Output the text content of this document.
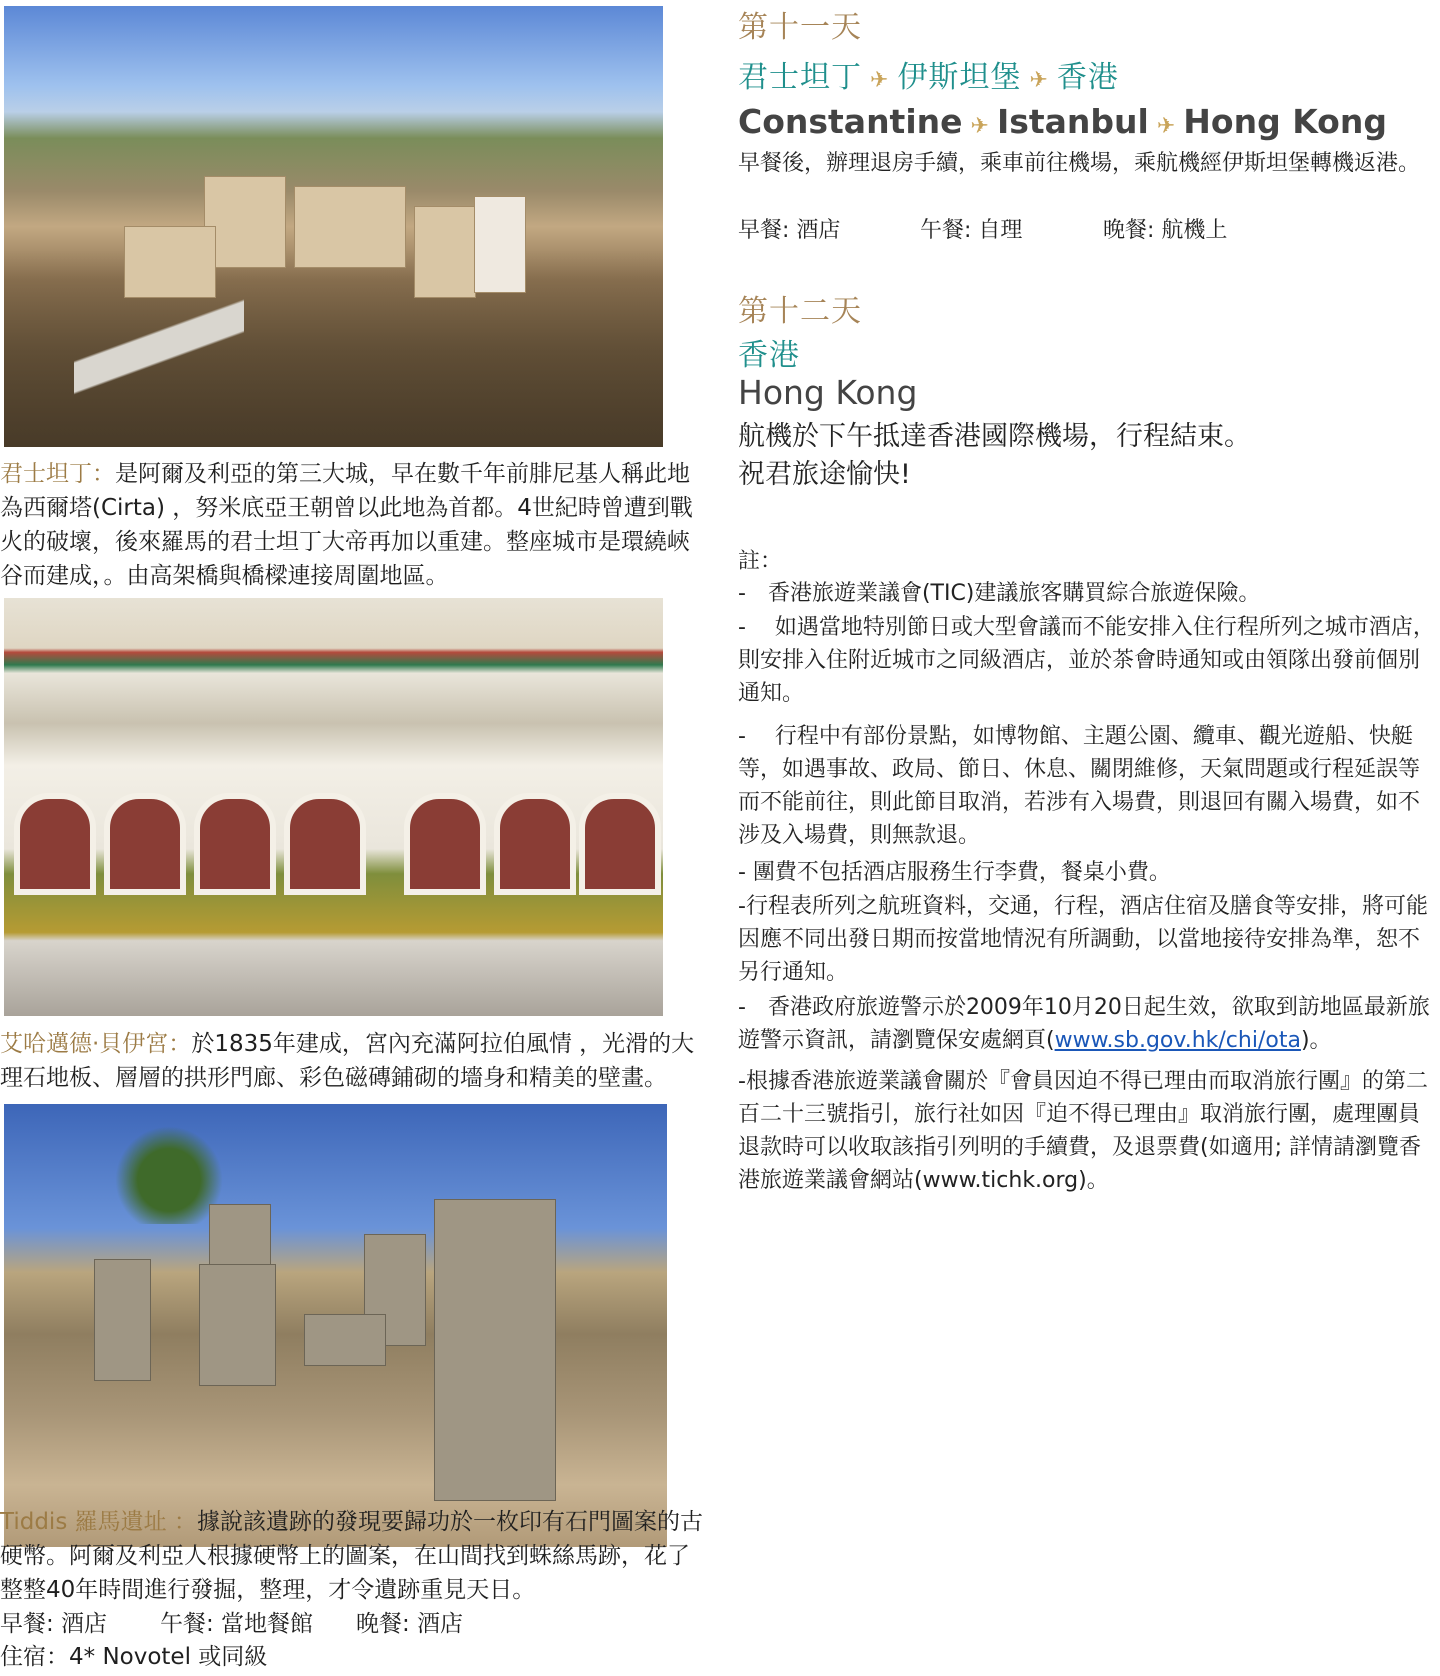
君士坦丁：是阿爾及利亞的第三大城，早在數千年前腓尼基人稱此地為西爾塔(Cirta) ，努米底亞王朝曾以此地為首都。4世紀時曾遭到戰火的破壞，後來羅馬的君士坦丁大帝再加以重建。整座城市是環繞峽谷而建成，。由高架橋與橋樑連接周圍地區。
艾哈邁德·貝伊宮：於1835年建成，宮內充滿阿拉伯風情 ，光滑的大理石地板、層層的拱形門廊、彩色磁磚鋪砌的墻身和精美的壁畫。
Tiddis 羅馬遺址 ：據說該遺跡的發現要歸功於一枚印有石門圖案的古硬幣。阿爾及利亞人根據硬幣上的圖案，在山間找到蛛絲馬跡，花了整整40年時間進行發掘，整理，才令遺跡重見天日。
早餐: 酒店 午餐: 當地餐館 晚餐: 酒店
住宿：4* Novotel 或同級
第十一天
君士坦丁 ✈ 伊斯坦堡 ✈ 香港
Constantine ✈ Istanbul ✈ Hong Kong
早餐後，辦理退房手續，乘車前往機場，乘航機經伊斯坦堡轉機返港。
早餐: 酒店	午餐: 自理	晚餐: 航機上
第十二天
香港
Hong Kong
航機於下午抵達香港國際機場，行程結束。
祝君旅途愉快!
註：
-　香港旅遊業議會(TIC)建議旅客購買綜合旅遊保險。
-　 如遇當地特別節日或大型會議而不能安排入住行程所列之城市酒店，則安排入住附近城市之同級酒店，並於茶會時通知或由領隊出發前個別通知。
-　 行程中有部份景點，如博物館、主題公園、纜車、觀光遊船、快艇等，如遇事故、政局、節日、休息、關閉維修，天氣問題或行程延誤等而不能前往，則此節目取消，若涉有入場費，則退回有關入場費，如不涉及入場費，則無款退。
- 團費不包括酒店服務生行李費，餐桌小費。
-行程表所列之航班資料，交通，行程，酒店住宿及膳食等安排，將可能因應不同出發日期而按當地情況有所調動，以當地接待安排為準，恕不另行通知。
-　香港政府旅遊警示於2009年10月20日起生效，欲取到訪地區最新旅遊警示資訊，請瀏覽保安處網頁(www.sb.gov.hk/chi/ota)。
-根據香港旅遊業議會關於『會員因迫不得已理由而取消旅行團』的第二百二十三號指引，旅行社如因『迫不得已理由』取消旅行團，處理團員退款時可以收取該指引列明的手續費，及退票費(如適用; 詳情請瀏覽香港旅遊業議會網站(www.tichk.org)。
